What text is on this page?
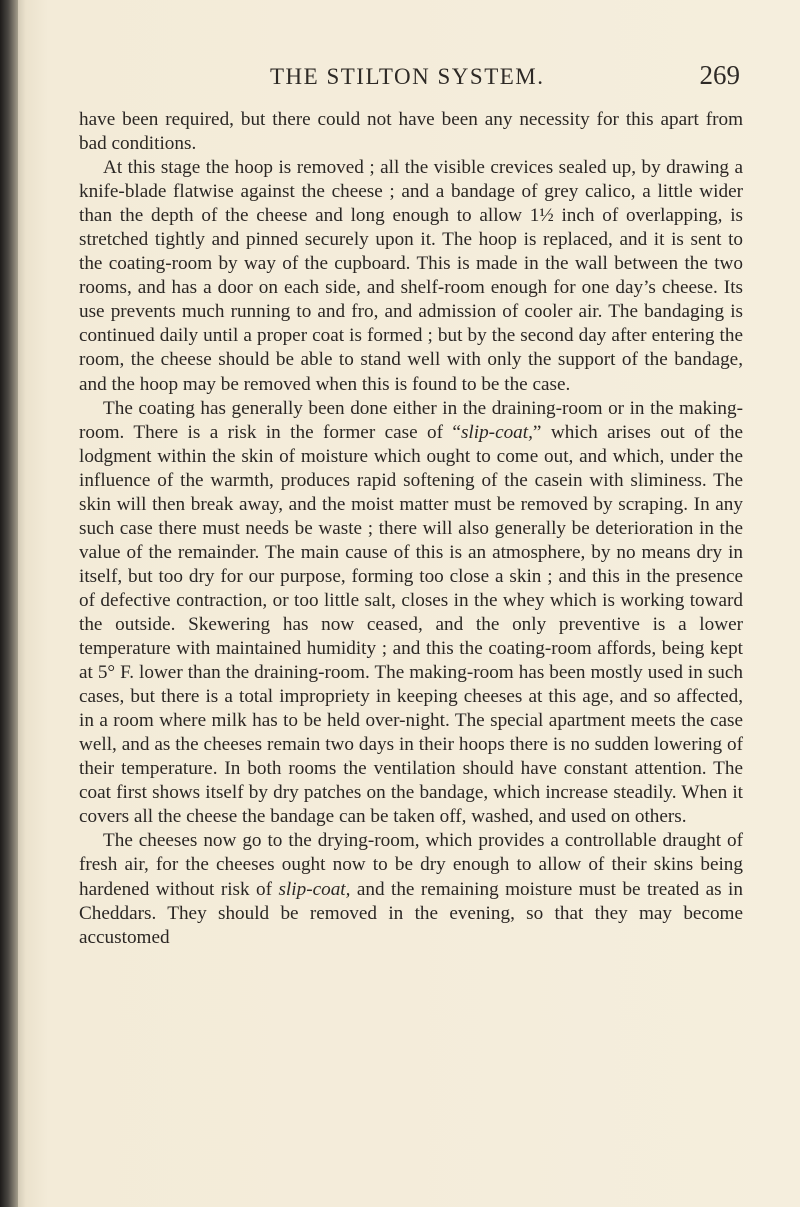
THE STILTON SYSTEM.	269

have been required, but there could not have been any necessity for this apart from bad conditions.

At this stage the hoop is removed ; all the visible crevices sealed up, by drawing a knife-blade flatwise against the cheese ; and a bandage of grey calico, a little wider than the depth of the cheese and long enough to allow 1½ inch of overlapping, is stretched tightly and pinned securely upon it. The hoop is replaced, and it is sent to the coating-room by way of the cupboard. This is made in the wall between the two rooms, and has a door on each side, and shelf-room enough for one day’s cheese. Its use prevents much running to and fro, and admission of cooler air. The bandaging is continued daily until a proper coat is formed ; but by the second day after entering the room, the cheese should be able to stand well with only the support of the bandage, and the hoop may be removed when this is found to be the case.

The coating has generally been done either in the draining-room or in the making-room. There is a risk in the former case of “slip-coat,” which arises out of the lodgment within the skin of moisture which ought to come out, and which, under the influence of the warmth, produces rapid softening of the casein with sliminess. The skin will then break away, and the moist matter must be removed by scraping. In any such case there must needs be waste ; there will also generally be deterioration in the value of the remainder. The main cause of this is an atmosphere, by no means dry in itself, but too dry for our purpose, forming too close a skin ; and this in the presence of defective contraction, or too little salt, closes in the whey which is working toward the outside. Skewering has now ceased, and the only preventive is a lower temperature with maintained humidity ; and this the coating-room affords, being kept at 5° F. lower than the draining-room. The making-room has been mostly used in such cases, but there is a total impropriety in keeping cheeses at this age, and so affected, in a room where milk has to be held over-night. The special apartment meets the case well, and as the cheeses remain two days in their hoops there is no sudden lowering of their temperature. In both rooms the ventilation should have constant attention. The coat first shows itself by dry patches on the bandage, which increase steadily. When it covers all the cheese the bandage can be taken off, washed, and used on others.

The cheeses now go to the drying-room, which provides a controllable draught of fresh air, for the cheeses ought now to be dry enough to allow of their skins being hardened without risk of slip-coat, and the remaining moisture must be treated as in Cheddars. They should be removed in the evening, so that they may become accustomed
